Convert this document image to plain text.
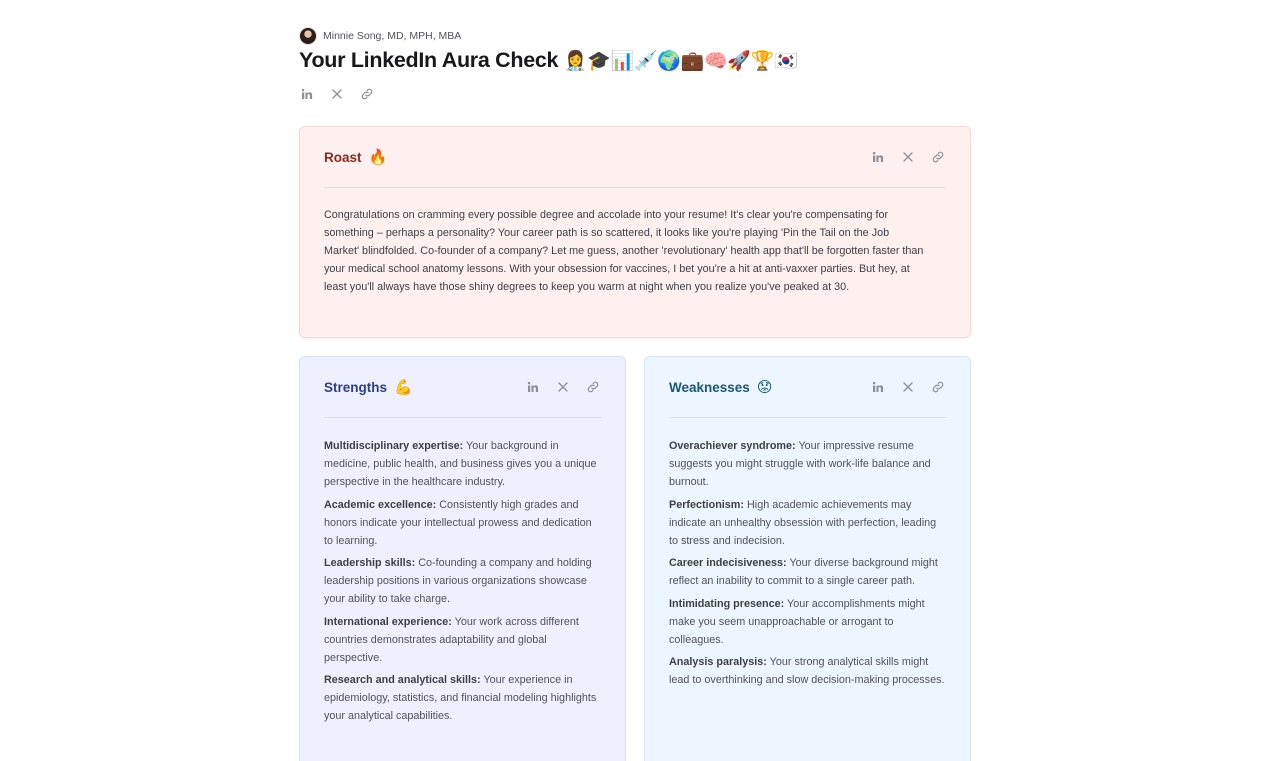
Minnie Song, MD, MPH, MBA
Your LinkedIn Aura Check 👩‍⚕️🎓📊💉🌍💼🧠🚀🏆🇰🇷
Roast 🔥

Congratulations on cramming every possible degree and accolade into your resume! It's clear you're compensating for something – perhaps a personality? Your career path is so scattered, it looks like you're playing 'Pin the Tail on the Job Market' blindfolded. Co-founder of a company? Let me guess, another 'revolutionary' health app that'll be forgotten faster than your medical school anatomy lessons. With your obsession for vaccines, I bet you're a hit at anti-vaxxer parties. But hey, at least you'll always have those shiny degrees to keep you warm at night when you realize you've peaked at 30.

Strengths 💪

Multidisciplinary expertise: Your background in medicine, public health, and business gives you a unique perspective in the healthcare industry.

Academic excellence: Consistently high grades and honors indicate your intellectual prowess and dedication to learning.

Leadership skills: Co-founding a company and holding leadership positions in various organizations showcase your ability to take charge.

International experience: Your work across different countries demonstrates adaptability and global perspective.

Research and analytical skills: Your experience in epidemiology, statistics, and financial modeling highlights your analytical capabilities.

Weaknesses 😟

Overachiever syndrome: Your impressive resume suggests you might struggle with work-life balance and burnout.

Perfectionism: High academic achievements may indicate an unhealthy obsession with perfection, leading to stress and indecision.

Career indecisiveness: Your diverse background might reflect an inability to commit to a single career path.

Intimidating presence: Your accomplishments might make you seem unapproachable or arrogant to colleagues.

Analysis paralysis: Your strong analytical skills might lead to overthinking and slow decision-making processes.
